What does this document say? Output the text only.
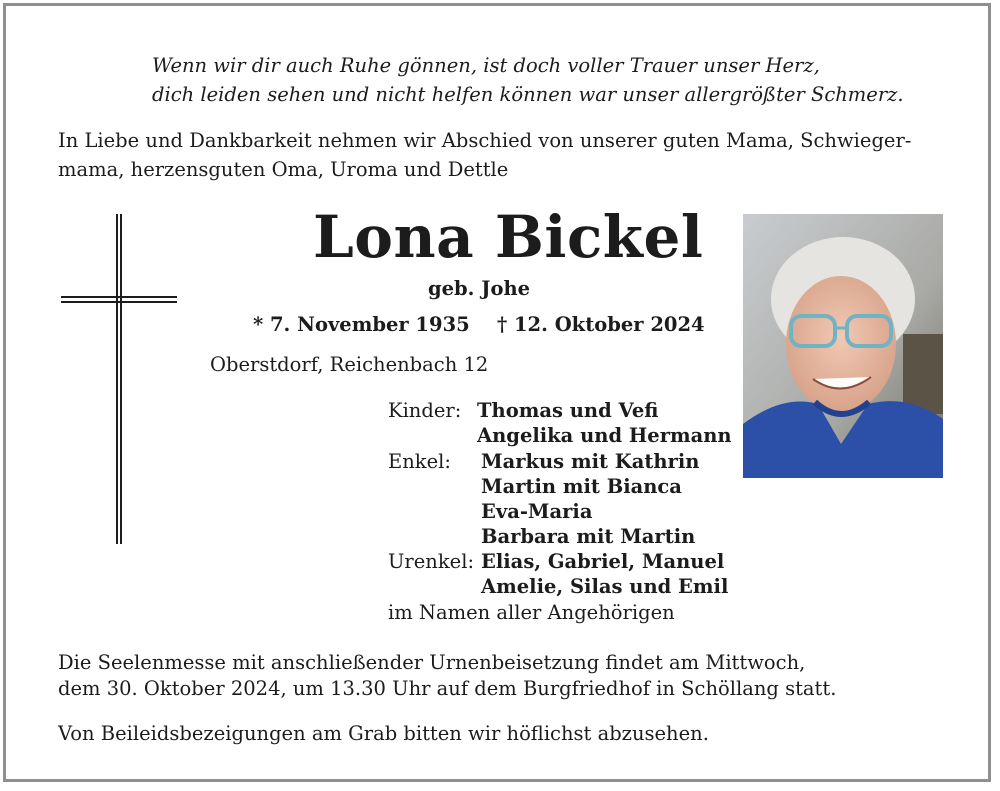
Wenn wir dir auch Ruhe gönnen, ist doch voller Trauer unser Herz,
dich leiden sehen und nicht helfen können war unser allergrößter Schmerz.
In Liebe und Dankbarkeit nehmen wir Abschied von unserer guten Mama, Schwieger-
mama, herzensguten Oma, Uroma und Dettle
Lona Bickel
geb. Johe
* 7. November 1935 † 12. Oktober 2024
Oberstdorf, Reichenbach 12
Kinder: Thomas und Vefi
Angelika und Hermann
Enkel: Markus mit Kathrin
Martin mit Bianca
Eva-Maria
Barbara mit Martin
Urenkel: Elias, Gabriel, Manuel
Amelie, Silas und Emil
im Namen aller Angehörigen
Die Seelenmesse mit anschließender Urnenbeisetzung findet am Mittwoch,
dem 30. Oktober 2024, um 13.30 Uhr auf dem Burgfriedhof in Schöllang statt.
Von Beileidsbezeigungen am Grab bitten wir höflichst abzusehen.
